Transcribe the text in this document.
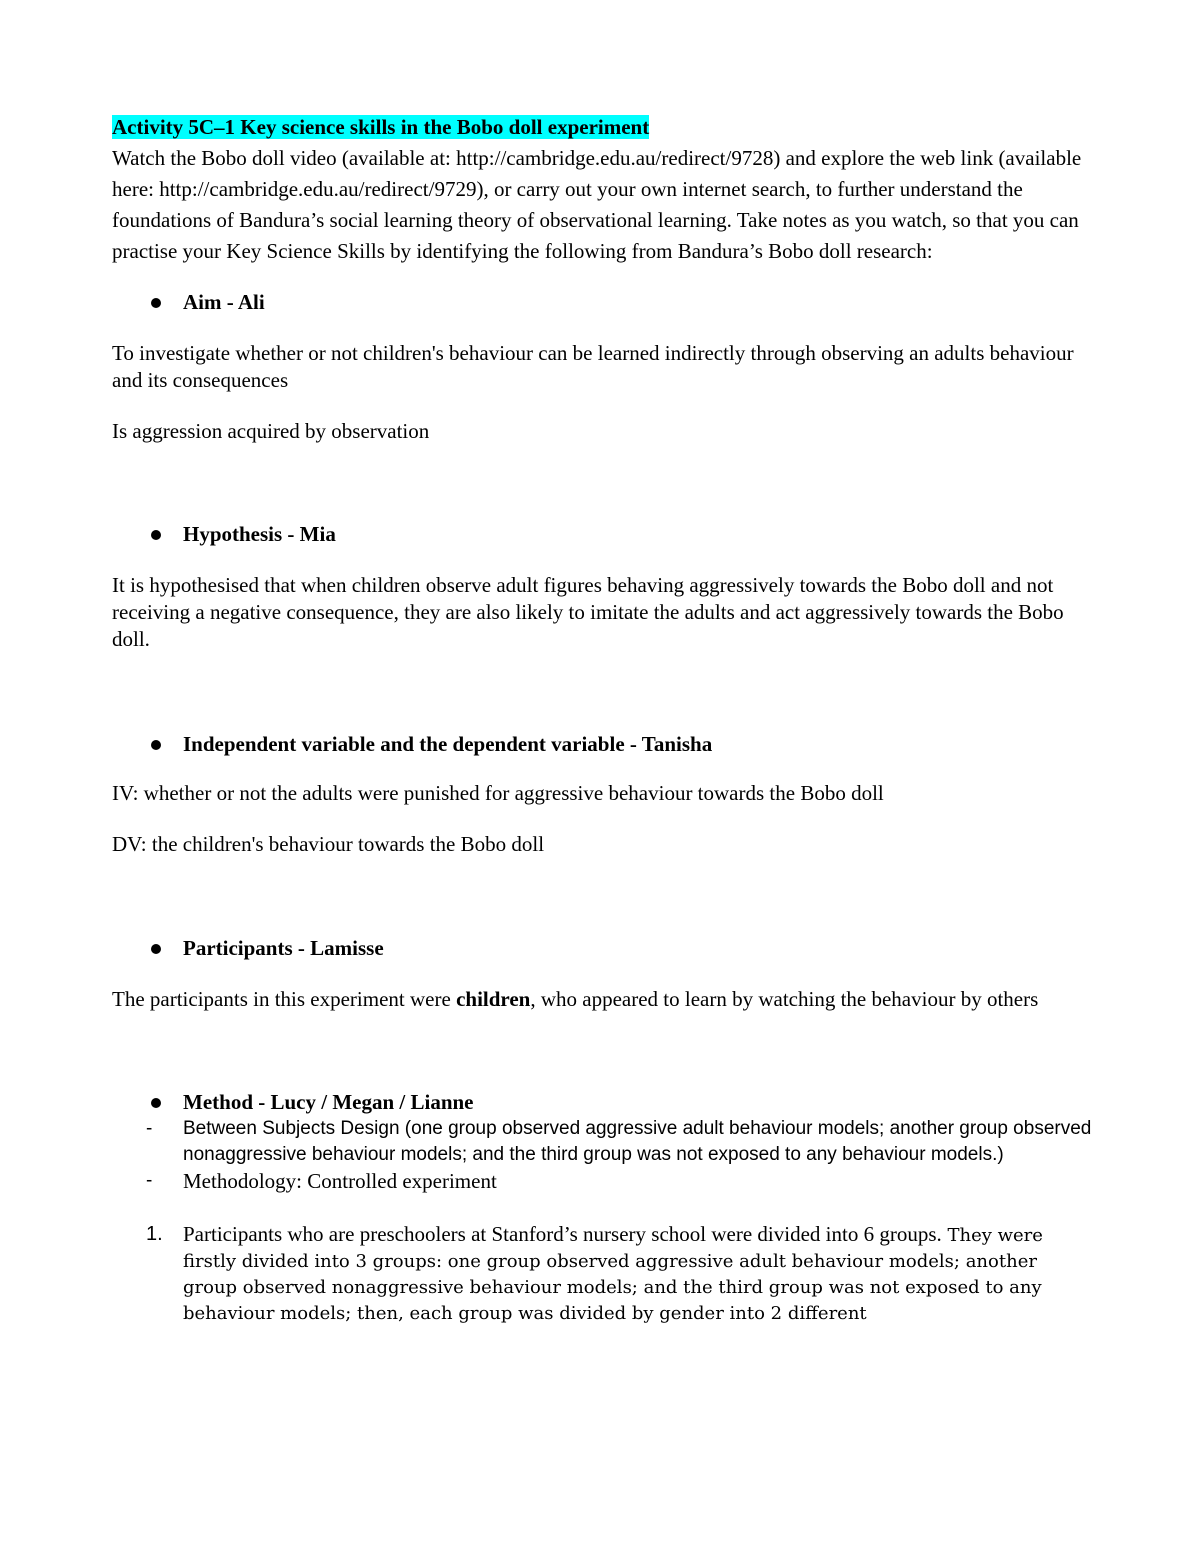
Activity 5C–1 Key science skills in the Bobo doll experiment

Watch the Bobo doll video (available at: http://cambridge.edu.au/redirect/9728) and explore the web link (available here: http://cambridge.edu.au/redirect/9729), or carry out your own internet search, to further understand the foundations of Bandura’s social learning theory of observational learning. Take notes as you watch, so that you can practise your Key Science Skills by identifying the following from Bandura’s Bobo doll research:

Aim - Ali

To investigate whether or not children's behaviour can be learned indirectly through observing an adults behaviour and its consequences

Is aggression acquired by observation

Hypothesis - Mia

It is hypothesised that when children observe adult figures behaving aggressively towards the Bobo doll and not receiving a negative consequence, they are also likely to imitate the adults and act aggressively towards the Bobo doll.

Independent variable and the dependent variable - Tanisha

IV: whether or not the adults were punished for aggressive behaviour towards the Bobo doll

DV: the children's behaviour towards the Bobo doll

Participants - Lamisse

The participants in this experiment were children, who appeared to learn by watching the behaviour by others

Method - Lucy / Megan / Lianne
- Between Subjects Design (one group observed aggressive adult behaviour models; another group observed nonaggressive behaviour models; and the third group was not exposed to any behaviour models.)
- Methodology: Controlled experiment
1. Participants who are preschoolers at Stanford’s nursery school were divided into 6 groups. They were firstly divided into 3 groups: one group observed aggressive adult behaviour models; another group observed nonaggressive behaviour models; and the third group was not exposed to any behaviour models; then, each group was divided by gender into 2 different
